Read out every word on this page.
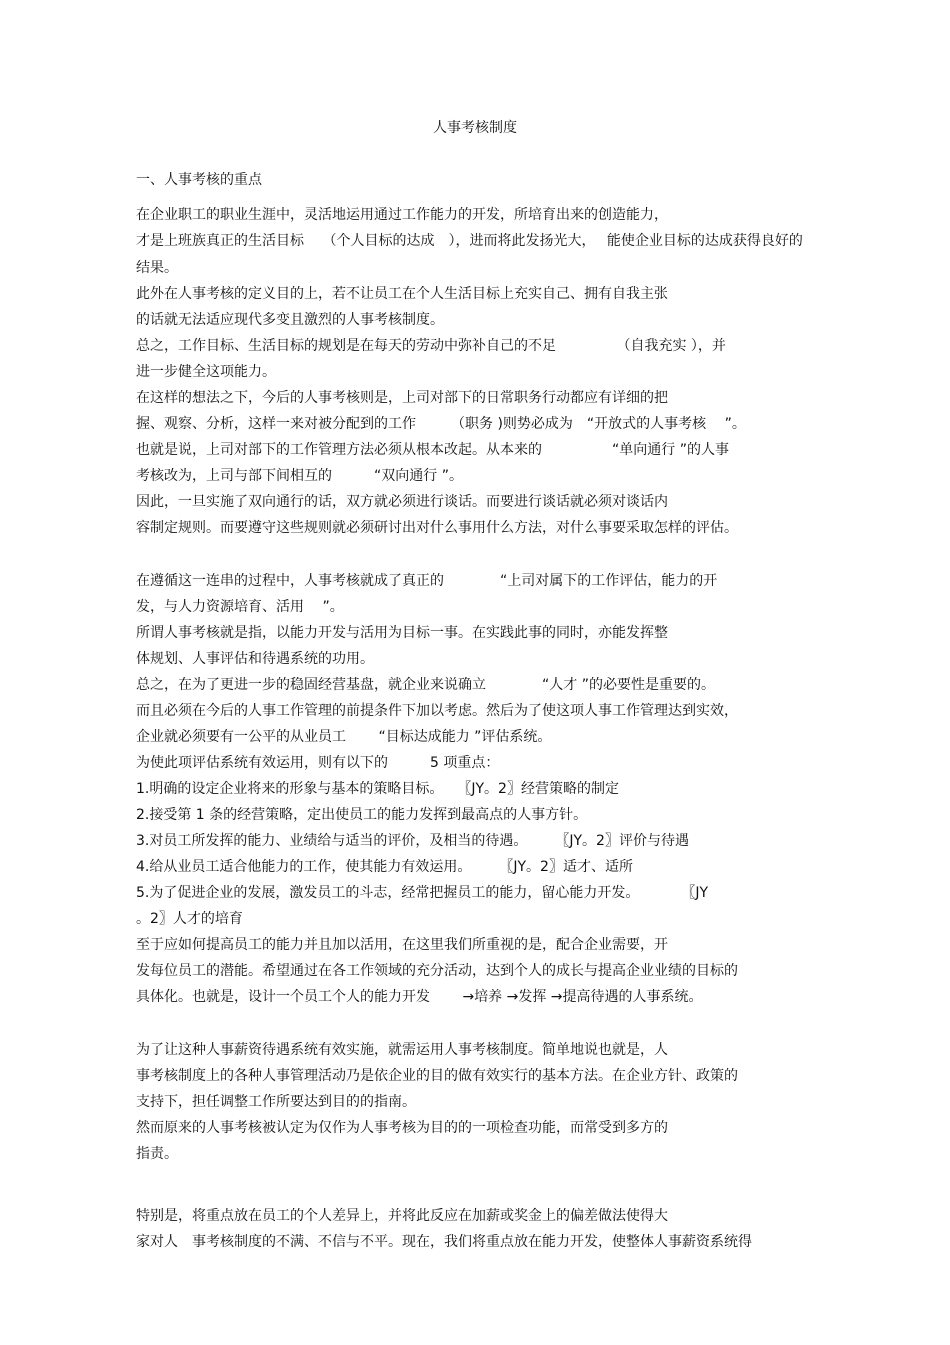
人事考核制度
一、人事考核的重点
在企业职工的职业生涯中，灵活地运用通过工作能力的开发，所培育出来的创造能力，
才是上班族真正的生活目标　 （个人目标的达成　），进而将此发扬光大，　 能使企业目标的达成获得良好的
结果。
此外在人事考核的定义目的上，若不让员工在个人生活目标上充实自己、拥有自我主张
的话就无法适应现代多变且激烈的人事考核制度。
总之，工作目标、生活目标的规划是在每天的劳动中弥补自己的不足　　　　 （自我充实 ），并
进一步健全这项能力。
在这样的想法之下，今后的人事考核则是，上司对部下的日常职务行动都应有详细的把
握、观察、分析，这样一来对被分配到的工作　　　（职务 )则势必成为　“开放式的人事考核　 ”。
也就是说，上司对部下的工作管理方法必须从根本改起。从本来的　　　　　“单向通行 ”的人事
考核改为，上司与部下间相互的　　　“双向通行 ”。
因此，一旦实施了双向通行的话，双方就必须进行谈话。而要进行谈话就必须对谈话内
容制定规则。而要遵守这些规则就必须研讨出对什么事用什么方法，对什么事要采取怎样的评估。
在遵循这一连串的过程中，人事考核就成了真正的　　　　“上司对属下的工作评估，能力的开
发，与人力资源培育、活用　 ”。
所谓人事考核就是指，以能力开发与活用为目标一事。在实践此事的同时，亦能发挥整
体规划、人事评估和待遇系统的功用。
总之，在为了更进一步的稳固经营基盘，就企业来说确立　　　　“人才 ”的必要性是重要的。
而且必须在今后的人事工作管理的前提条件下加以考虑。然后为了使这项人事工作管理达到实效，
企业就必须要有一公平的从业员工　　 “目标达成能力 ”评估系统。
为使此项评估系统有效运用，则有以下的　　　5 项重点：
1.明确的设定企业将来的形象与基本的策略目标。　　〖JY。2〗经营策略的制定
2.接受第 1 条的经营策略，定出使员工的能力发挥到最高点的人事方针。
3.对员工所发挥的能力、业绩给与适当的评价，及相当的待遇。　　　〖JY。2〗评价与待遇
4.给从业员工适合他能力的工作，使其能力有效运用。　　　〖JY。2〗适才、适所
5.为了促进企业的发展，激发员工的斗志，经常把握员工的能力，留心能力开发。　　　　〖JY
。2〗人才的培育
至于应如何提高员工的能力并且加以活用，在这里我们所重视的是，配合企业需要，开
发每位员工的潜能。希望通过在各工作领域的充分活动，达到个人的成长与提高企业业绩的目标的
具体化。也就是，设计一个员工个人的能力开发　　 →培养 →发挥 →提高待遇的人事系统。
为了让这种人事薪资待遇系统有效实施，就需运用人事考核制度。简单地说也就是，人
事考核制度上的各种人事管理活动乃是依企业的目的做有效实行的基本方法。在企业方针、政策的
支持下，担任调整工作所要达到目的的指南。
然而原来的人事考核被认定为仅作为人事考核为目的的一项检查功能，而常受到多方的
指责。
特别是，将重点放在员工的个人差异上，并将此反应在加薪或奖金上的偏差做法使得大
家对人　事考核制度的不满、不信与不平。现在，我们将重点放在能力开发，使整体人事薪资系统得
